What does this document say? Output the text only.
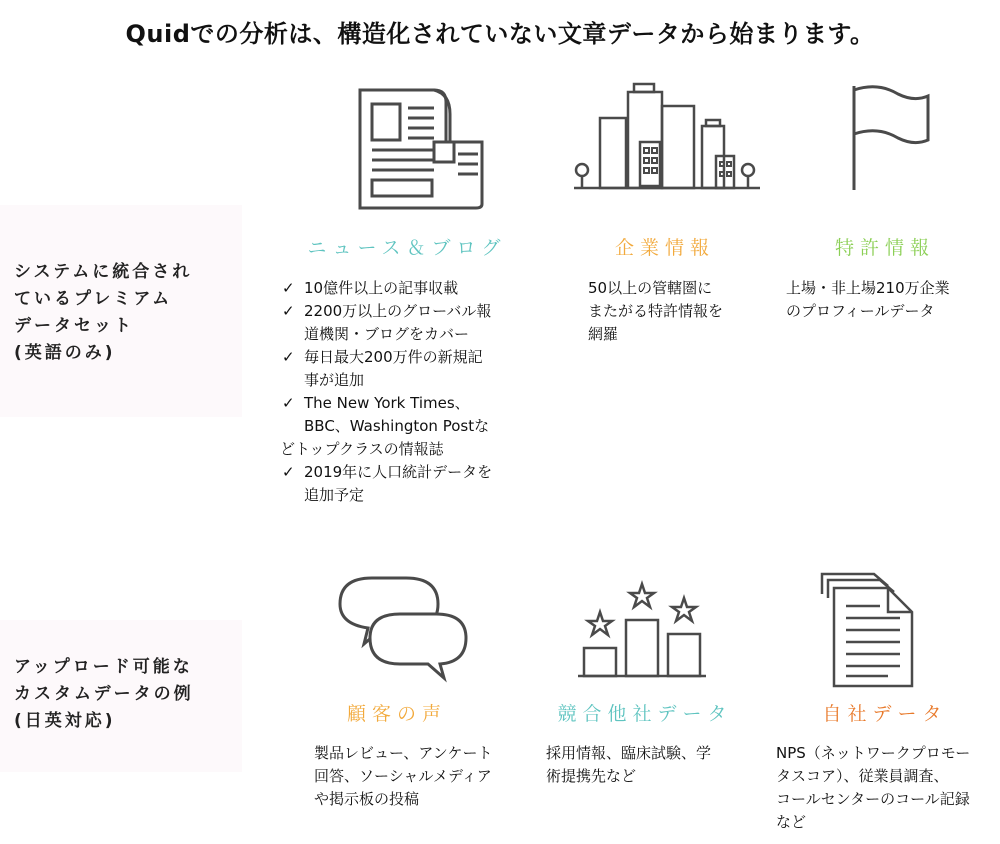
Quidでの分析は、構造化されていない文章データから始まります。
システムに統合され
ているプレミアム
データセット
(英語のみ)
ニュース＆ブログ	企業情報	特許情報
✓ 10億件以上の記事収載
✓ 2200万以上のグローバル報
道機関・ブログをカバー
✓ 毎日最大200万件の新規記
事が追加
✓ The New York Times、
BBC、Washington Postな
どトップクラスの情報誌
✓ 2019年に人口統計データを
追加予定
50以上の管轄圏に
またがる特許情報を
網羅
上場・非上場210万企業
のプロフィールデータ
アップロード可能な
カスタムデータの例
(日英対応)	顧客の声	競合他社データ	自社データ
製品レビュー、アンケート
回答、ソーシャルメディア
や掲示板の投稿
採用情報、臨床試験、学
術提携先など
NPS（ネットワークプロモー
タスコア）、従業員調査、
コールセンターのコール記録
など
